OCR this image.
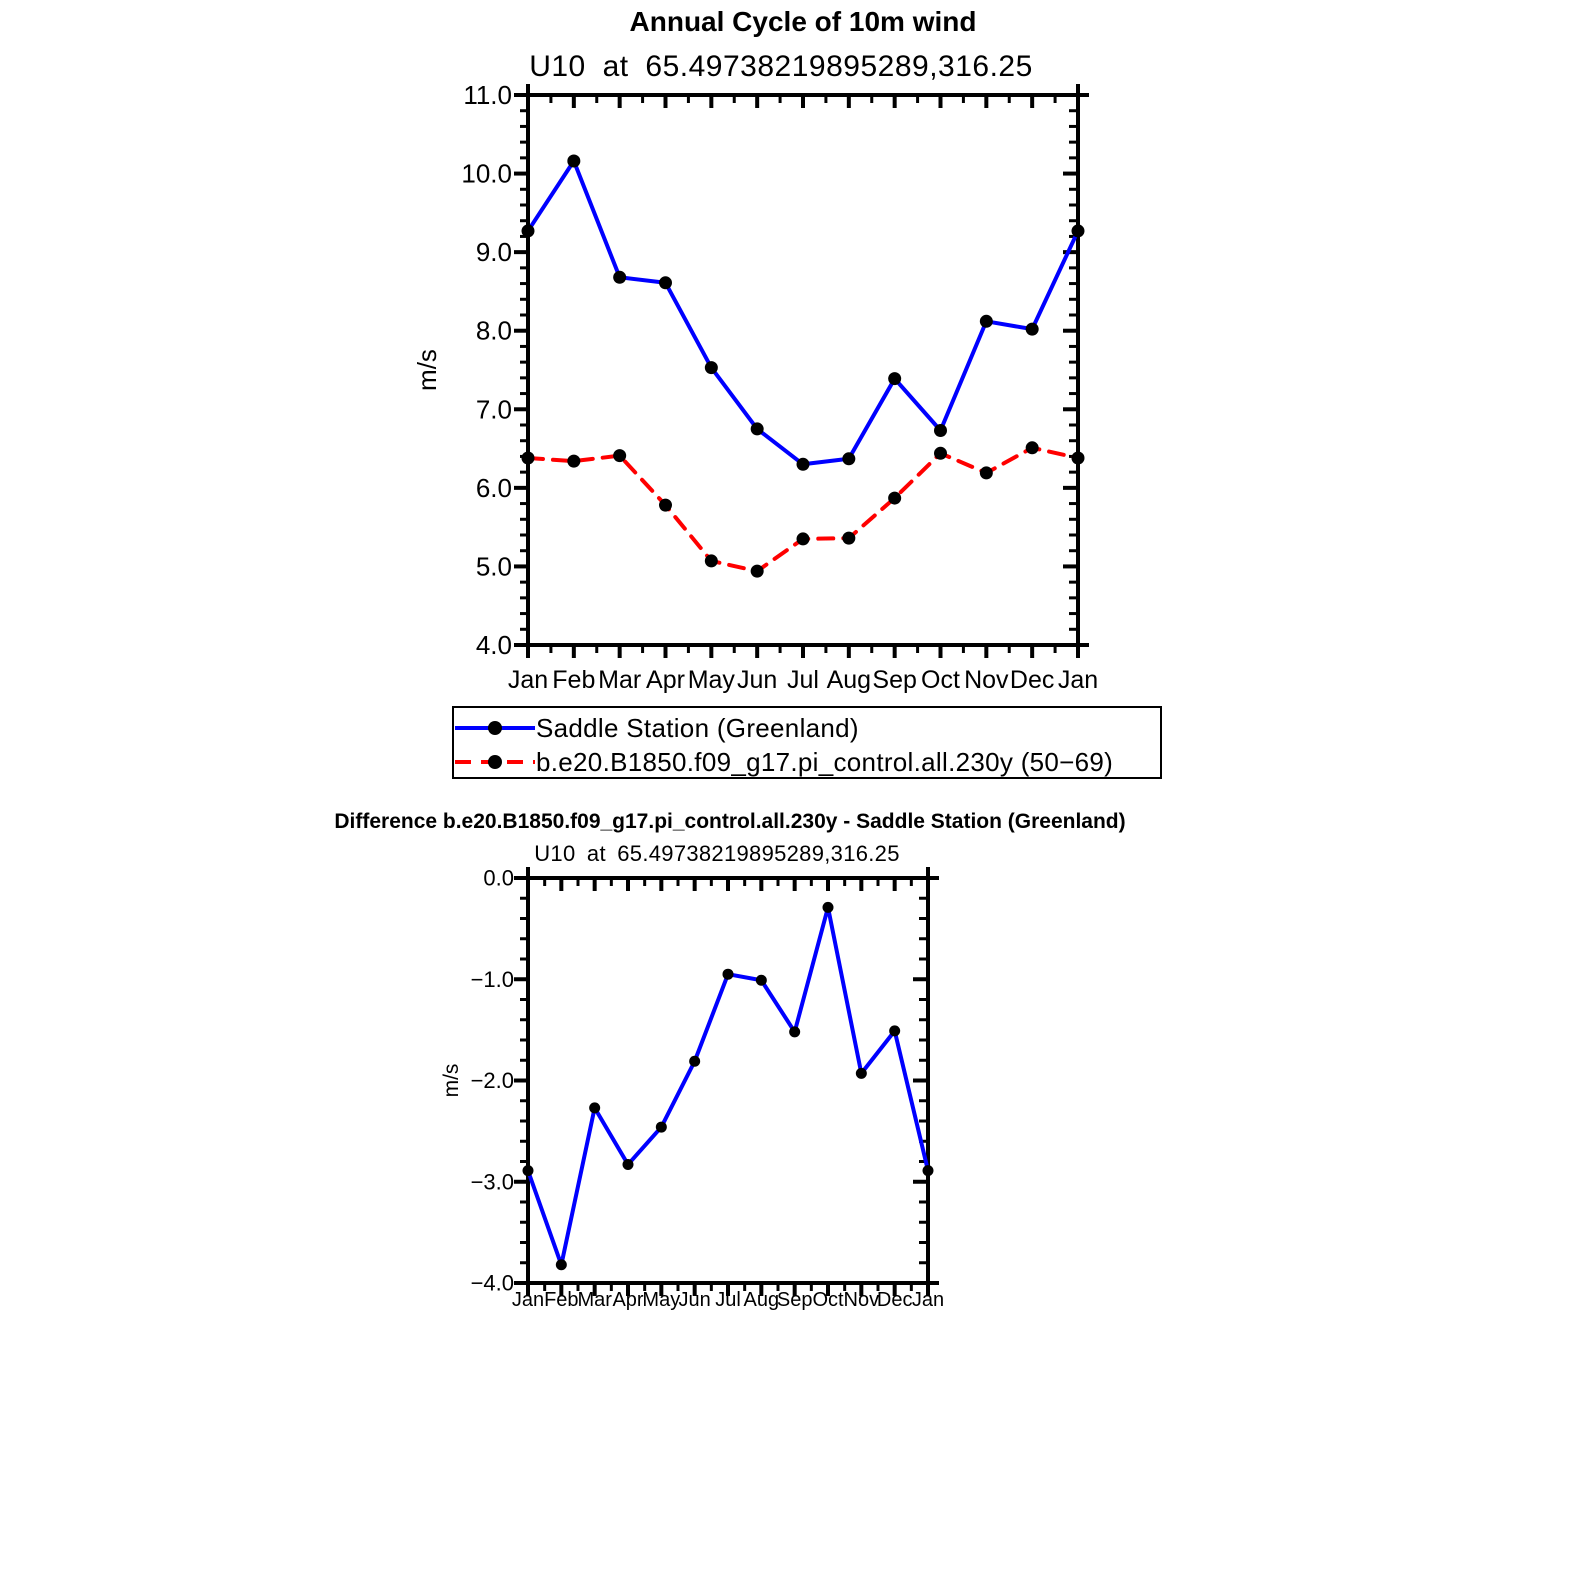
4.0
5.0
6.0
7.0
8.0
9.0
10.0
11.0
Jan Feb Mar Apr May Jun Jul Aug Sep Oct Nov Dec Jan
m/s
−4.0
−3.0
−2.0
−1.0
0.0
Jan Feb
Mar Apr
May
Jun Jul Aug
Sep Oct Nov
Dec Jan
m/s
Annual Cycle of 10m wind
U10 at 65.49738219895289,316.25
Saddle Station (Greenland)
b.e20.B1850.f09_g17.pi_control.all.230y (50−69)
Difference b.e20.B1850.f09_g17.pi_control.all.230y - Saddle Station (Greenland)
U10 at 65.49738219895289,316.25
